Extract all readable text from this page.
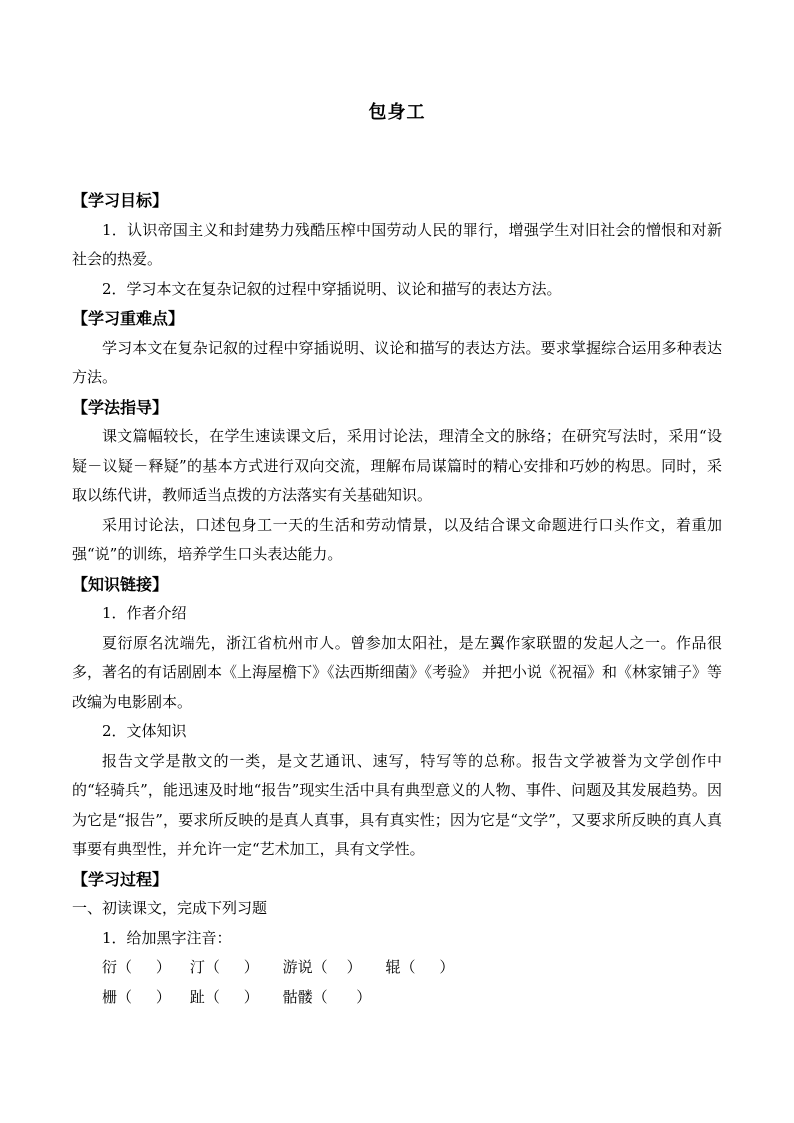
包身工

【学习目标】

1．认识帝国主义和封建势力残酷压榨中国劳动人民的罪行，增强学生对旧社会的憎恨和对新社会的热爱。

2．学习本文在复杂记叙的过程中穿插说明、议论和描写的表达方法。

【学习重难点】

学习本文在复杂记叙的过程中穿插说明、议论和描写的表达方法。要求掌握综合运用多种表达方法。

【学法指导】

课文篇幅较长，在学生速读课文后，采用讨论法，理清全文的脉络；在研究写法时，采用“设疑－议疑－释疑”的基本方式进行双向交流，理解布局谋篇时的精心安排和巧妙的构思。同时，采取以练代讲，教师适当点拨的方法落实有关基础知识。

采用讨论法，口述包身工一天的生活和劳动情景，以及结合课文命题进行口头作文，着重加强“说”的训练，培养学生口头表达能力。

【知识链接】

1．作者介绍

夏衍原名沈端先，浙江省杭州市人。曾参加太阳社，是左翼作家联盟的发起人之一。作品很多，著名的有话剧剧本《上海屋檐下》《法西斯细菌》《考验》 并把小说《祝福》和《林家铺子》等改编为电影剧本。

2．文体知识

报告文学是散文的一类，是文艺通讯、速写，特写等的总称。报告文学被誉为文学创作中的“轻骑兵”，能迅速及时地“报告”现实生活中具有典型意义的人物、事件、问题及其发展趋势。因为它是“报告”，要求所反映的是真人真事，具有真实性；因为它是“文学”，又要求所反映的真人真事要有典型性，并允许一定“艺术加工，具有文学性。

【学习过程】

一、初读课文，完成下列习题

1．给加黑字注音：

衍（     ）    汀（     ）     游说（    ）     辊（     ）

栅（     ）    趾（     ）     骷髅（      ）
